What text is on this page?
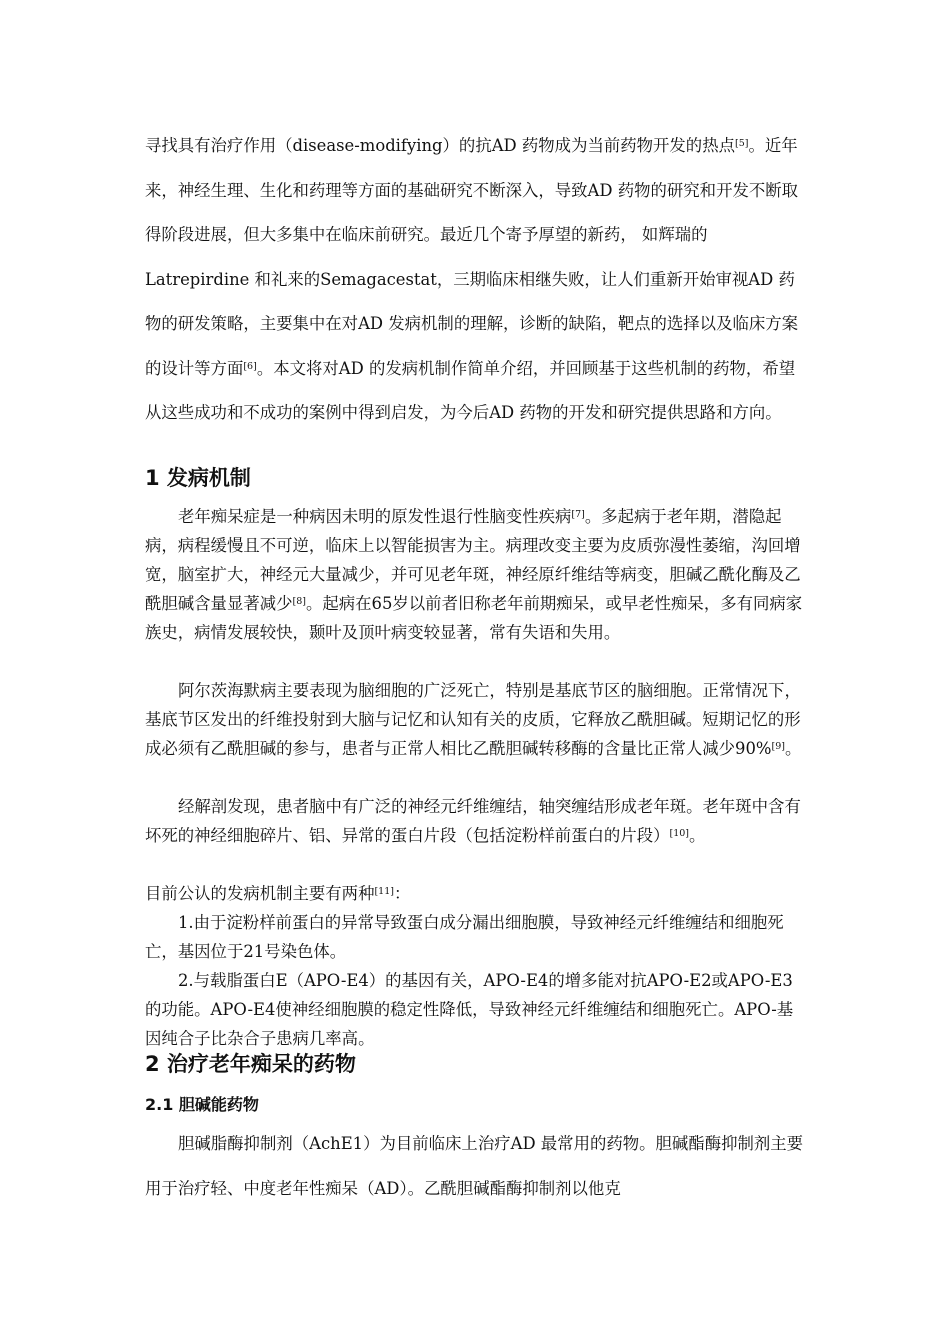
寻找具有治疗作用（disease-modifying）的抗AD 药物成为当前药物开发的热点[5]。近年来，神经生理、生化和药理等方面的基础研究不断深入，导致AD 药物的研究和开发不断取得阶段进展，但大多集中在临床前研究。最近几个寄予厚望的新药， 如辉瑞的Latrepirdine 和礼来的Semagacestat，三期临床相继失败，让人们重新开始审视AD 药物的研发策略，主要集中在对AD 发病机制的理解，诊断的缺陷，靶点的选择以及临床方案的设计等方面[6]。本文将对AD 的发病机制作简单介绍，并回顾基于这些机制的药物，希望从这些成功和不成功的案例中得到启发，为今后AD 药物的开发和研究提供思路和方向。

1 发病机制

老年痴呆症是一种病因未明的原发性退行性脑变性疾病[7]。多起病于老年期，潜隐起病，病程缓慢且不可逆，临床上以智能损害为主。病理改变主要为皮质弥漫性萎缩，沟回增宽，脑室扩大，神经元大量减少，并可见老年斑，神经原纤维结等病变，胆碱乙酰化酶及乙酰胆碱含量显著减少[8]。起病在65岁以前者旧称老年前期痴呆，或早老性痴呆，多有同病家族史，病情发展较快，颞叶及顶叶病变较显著，常有失语和失用。

阿尔茨海默病主要表现为脑细胞的广泛死亡，特别是基底节区的脑细胞。正常情况下，基底节区发出的纤维投射到大脑与记忆和认知有关的皮质，它释放乙酰胆碱。短期记忆的形成必须有乙酰胆碱的参与，患者与正常人相比乙酰胆碱转移酶的含量比正常人减少90%[9]。

经解剖发现，患者脑中有广泛的神经元纤维缠结，轴突缠结形成老年斑。老年斑中含有坏死的神经细胞碎片、铝、异常的蛋白片段（包括淀粉样前蛋白的片段）[10]。

目前公认的发病机制主要有两种[11]：

1.由于淀粉样前蛋白的异常导致蛋白成分漏出细胞膜，导致神经元纤维缠结和细胞死亡，基因位于21号染色体。

2.与载脂蛋白E（APO-E4）的基因有关，APO-E4的增多能对抗APO-E2或APO-E3的功能。APO-E4使神经细胞膜的稳定性降低，导致神经元纤维缠结和细胞死亡。APO-基因纯合子比杂合子患病几率高。

2 治疗老年痴呆的药物
2.1 胆碱能药物

胆碱脂酶抑制剂（AchE1）为目前临床上治疗AD 最常用的药物。胆碱酯酶抑制剂主要用于治疗轻、中度老年性痴呆（AD）。乙酰胆碱酯酶抑制剂以他克
